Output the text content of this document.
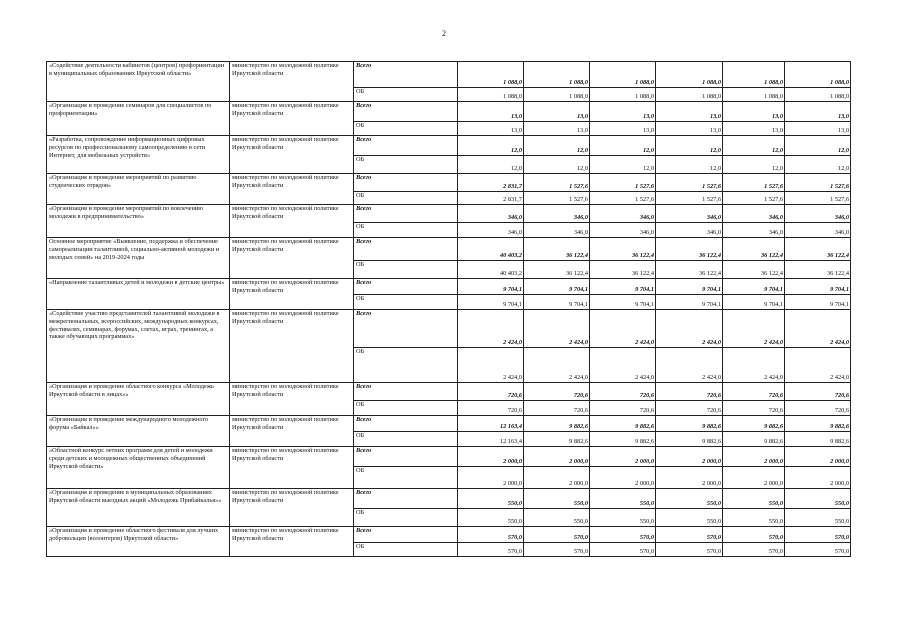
2
«Содействие деятельности кабинетов (центров) профориентации в муниципальных образованиях Иркутской области»	министерство по молодежной политике Иркутской области	Всего	1 088,0	1 088,0	1 088,0	1 088,0	1 088,0	1 088,0
		ОБ	1 088,0	1 088,0	1 088,0	1 088,0	1 088,0	1 088,0
«Организация и проведение семинаров для специалистов по профориентации»	министерство по молодежной политике Иркутской области	Всего	13,0	13,0	13,0	13,0	13,0	13,0
		ОБ	13,0	13,0	13,0	13,0	13,0	13,0
«Разработка, сопровождение информационных цифровых ресурсов по профессиональному самоопределению в сети Интернет, для мобильных устройств»	министерство по молодежной политике Иркутской области	Всего	12,0	12,0	12,0	12,0	12,0	12,0
		ОБ	12,0	12,0	12,0	12,0	12,0	12,0
«Организация и проведение мероприятий по развитию студенческих отрядов»	министерство по молодежной политике Иркутской области	Всего	2 831,7	1 527,6	1 527,6	1 527,6	1 527,6	1 527,6
		ОБ	2 831,7	1 527,6	1 527,6	1 527,6	1 527,6	1 527,6
«Организация и проведение мероприятий по вовлечению молодежи в предпринимательство»	министерство по молодежной политике Иркутской области	Всего	346,0	346,0	346,0	346,0	346,0	346,0
		ОБ	346,0	346,0	346,0	346,0	346,0	346,0
Основное мероприятие «Выявление, поддержка и обеспечение самореализации талантливой, социально-активной молодежи и молодых семей» на 2019-2024 годы	министерство по молодежной политике Иркутской области	Всего	40 403,2	36 122,4	36 122,4	36 122,4	36 122,4	36 122,4
		ОБ	40 403,2	36 122,4	36 122,4	36 122,4	36 122,4	36 122,4
«Направление талантливых детей и молодежи в детские центры»	министерство по молодежной политике Иркутской области	Всего	9 704,1	9 704,1	9 704,1	9 704,1	9 704,1	9 704,1
		ОБ	9 704,1	9 704,1	9 704,1	9 704,1	9 704,1	9 704,1
«Содействие участию представителей талантливой молодежи в межрегиональных, всероссийских, международных конкурсах, фестивалях, семинарах, форумах, слетах, играх, тренингах, а также обучающих программах»	министерство по молодежной политике Иркутской области	Всего	2 424,0	2 424,0	2 424,0	2 424,0	2 424,0	2 424,0
		ОБ	2 424,0	2 424,0	2 424,0	2 424,0	2 424,0	2 424,0
«Организация и проведение областного конкурса «Молодежь Иркутской области в лицах»»	министерство по молодежной политике Иркутской области	Всего	720,6	720,6	720,6	720,6	720,6	720,6
		ОБ	720,6	720,6	720,6	720,6	720,6	720,6
«Организация и проведение международного молодежного форума «Байкал»»	министерство по молодежной политике Иркутской области	Всего	12 163,4	9 882,6	9 882,6	9 882,6	9 882,6	9 882,6
		ОБ	12 163,4	9 882,6	9 882,6	9 882,6	9 882,6	9 882,6
«Областной конкурс летних программ для детей и молодежи среди детских и молодежных общественных объединений Иркутской области»	министерство по молодежной политике Иркутской области	Всего	2 000,0	2 000,0	2 000,0	2 000,0	2 000,0	2 000,0
		ОБ	2 000,0	2 000,0	2 000,0	2 000,0	2 000,0	2 000,0
«Организация и проведение в муниципальных образованиях Иркутской области выездных акций «Молодежь Прибайкалья»»	министерство по молодежной политике Иркутской области	Всего	550,0	550,0	550,0	550,0	550,0	550,0
		ОБ	550,0	550,0	550,0	550,0	550,0	550,0
«Организация и проведение областного фестиваля для лучших добровольцев (волонтеров) Иркутской области»	министерство по молодежной политике Иркутской области	Всего	570,0	570,0	570,0	570,0	570,0	570,0
		ОБ	570,0	570,0	570,0	570,0	570,0	570,0
